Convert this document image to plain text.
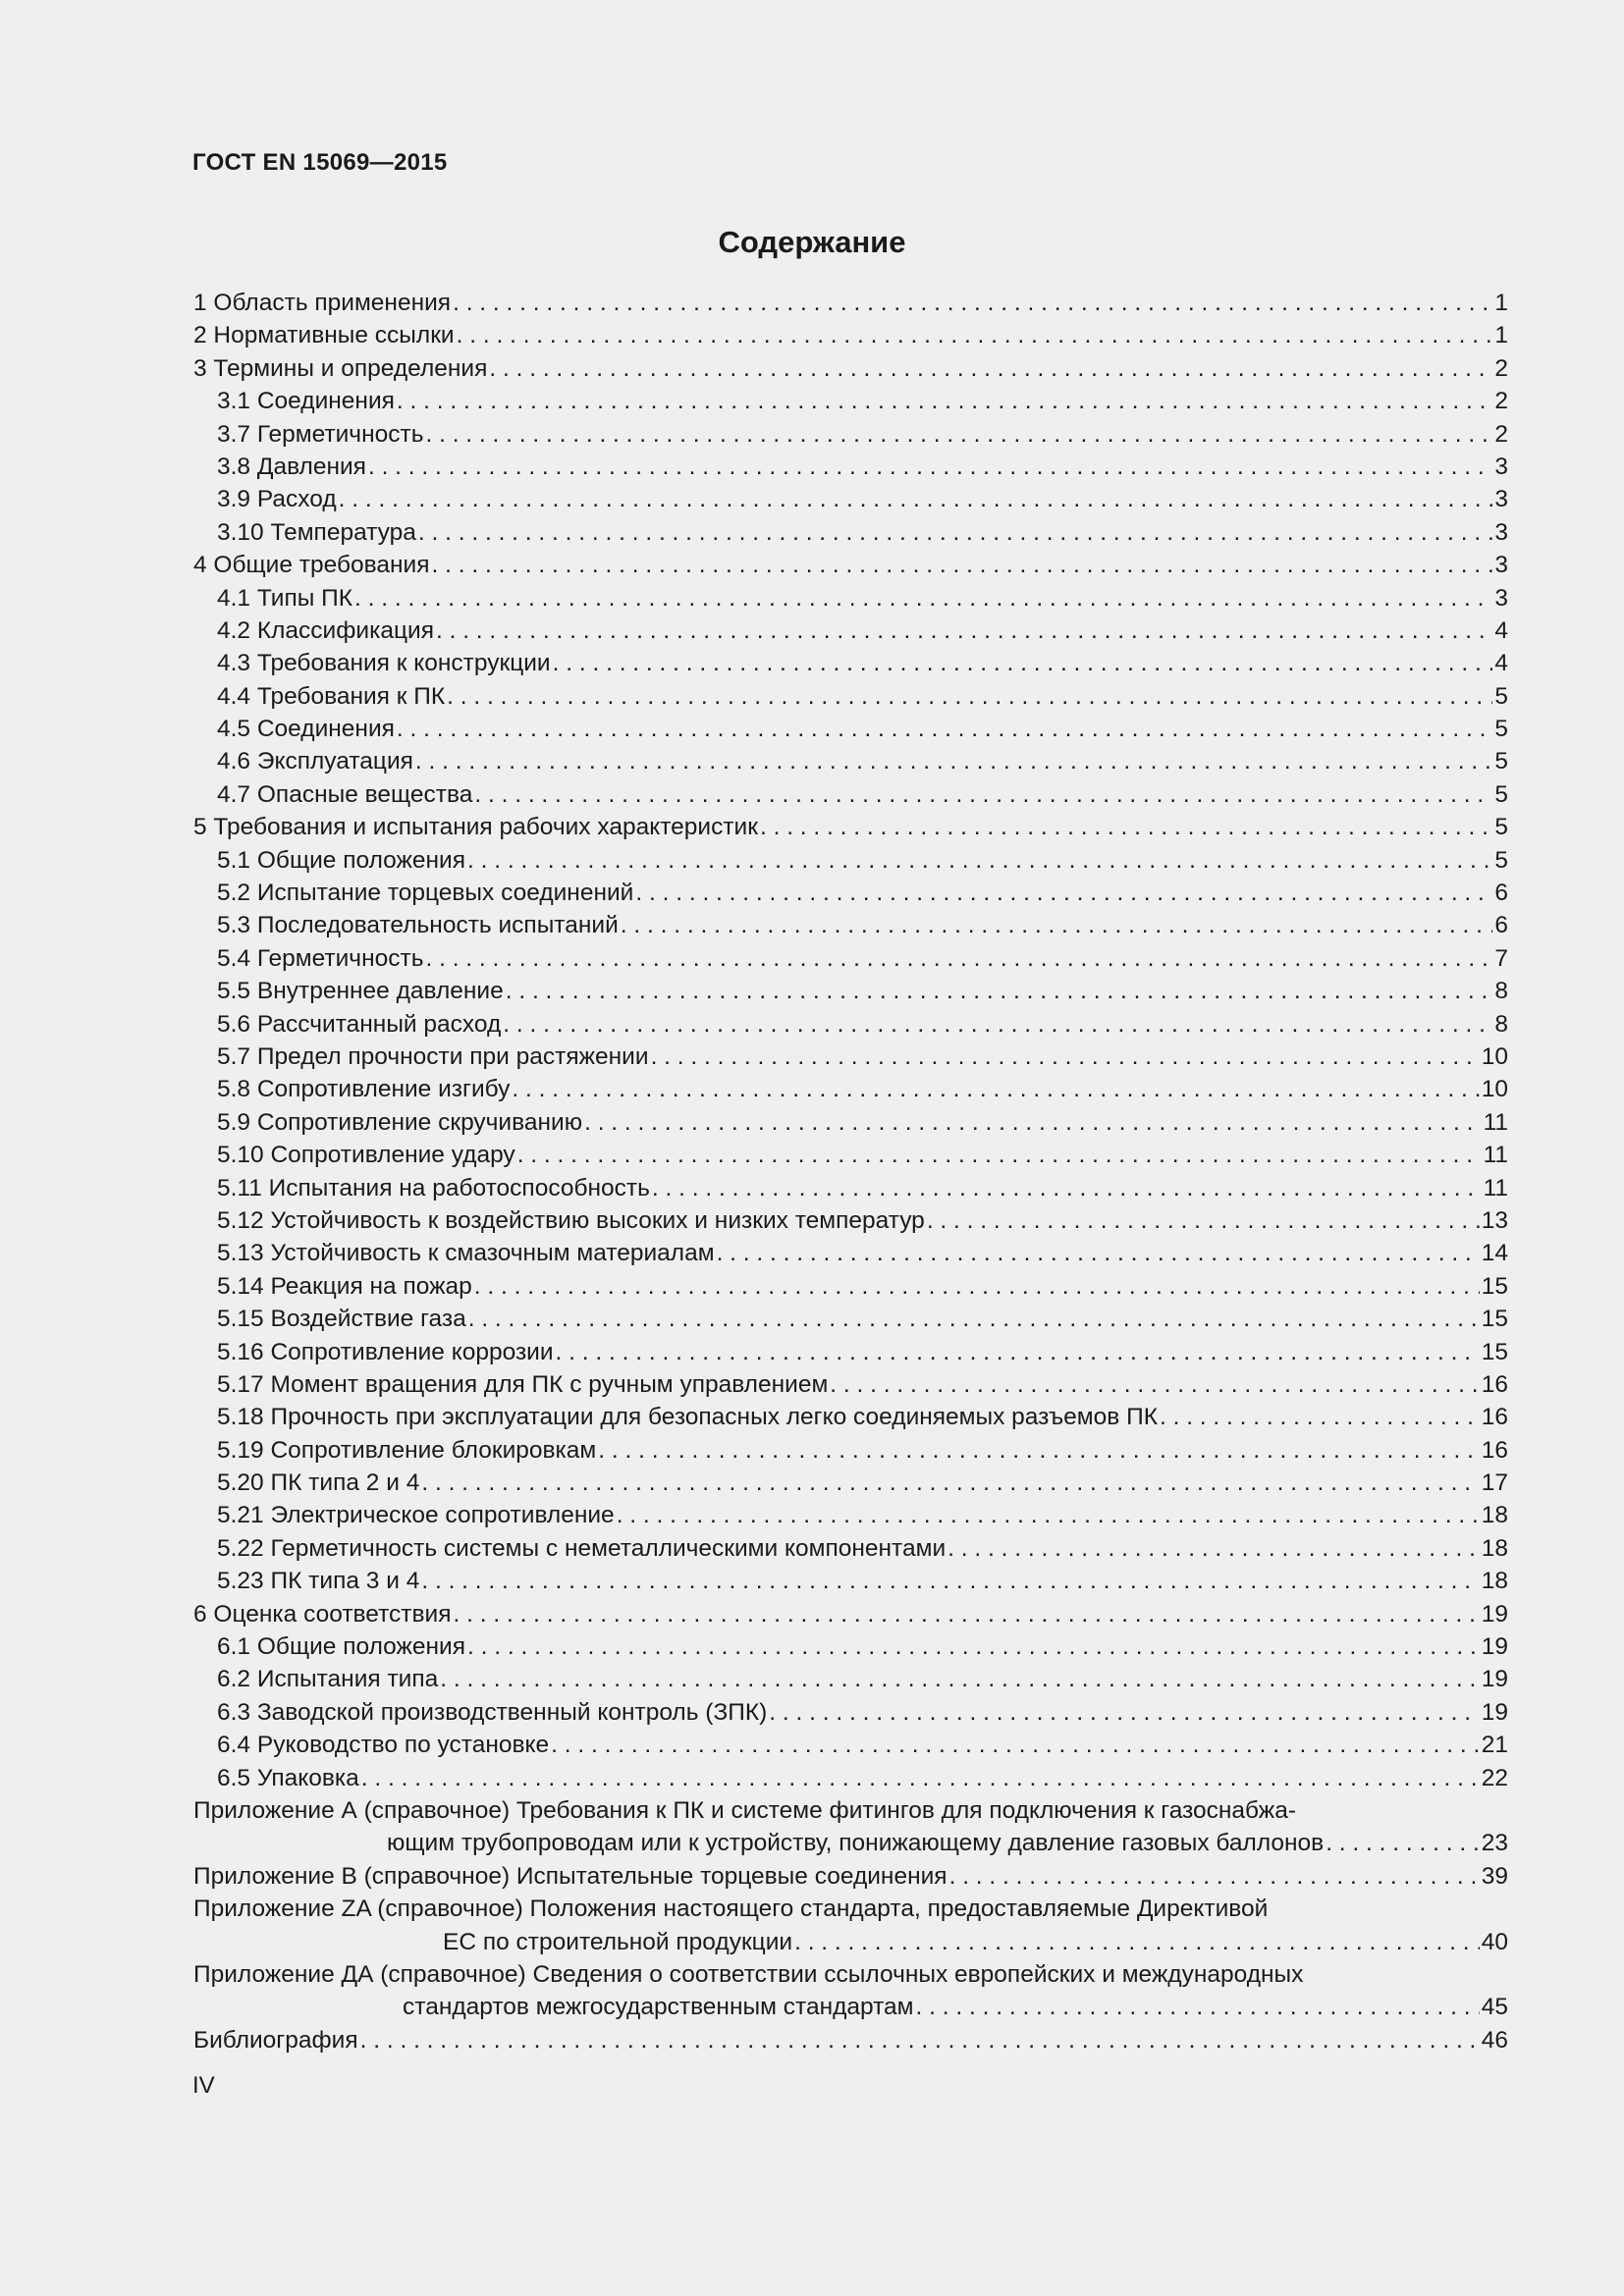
ГОСТ EN 15069—2015
Содержание
1 Область применения . . .	1
2 Нормативные ссылки . . .	1
3 Термины и определения . . .	2
3.1 Соединения . . .	2
3.7 Герметичность . . .	2
3.8 Давления . . .	3
3.9 Расход . . .	3
3.10 Температура . . .	3
4 Общие требования . . .	3
4.1 Типы ПК . . .	3
4.2 Классификация . . .	4
4.3 Требования к конструкции . . .	4
4.4 Требования к ПК . . .	5
4.5 Соединения . . .	5
4.6 Эксплуатация . . .	5
4.7 Опасные вещества . . .	5
5 Требования и испытания рабочих характеристик . . .	5
5.1 Общие положения . . .	5
5.2 Испытание торцевых соединений . . .	6
5.3 Последовательность испытаний . . .	6
5.4 Герметичность . . .	7
5.5 Внутреннее давление . . .	8
5.6 Рассчитанный расход . . .	8
5.7 Предел прочности при растяжении . . .	10
5.8 Сопротивление изгибу . . .	10
5.9 Сопротивление скручиванию . . .	11
5.10 Сопротивление удару . . .	11
5.11 Испытания на работоспособность . . .	11
5.12 Устойчивость к воздействию высоких и низких температур . . .	13
5.13 Устойчивость к смазочным материалам . . .	14
5.14 Реакция на пожар . . .	15
5.15 Воздействие газа . . .	15
5.16 Сопротивление коррозии . . .	15
5.17 Момент вращения для ПК с ручным управлением . . .	16
5.18 Прочность при эксплуатации для безопасных легко соединяемых разъемов ПК . . .	16
5.19 Сопротивление блокировкам . . .	16
5.20 ПК типа 2 и 4 . . .	17
5.21 Электрическое сопротивление . . .	18
5.22 Герметичность системы с неметаллическими компонентами . . .	18
5.23 ПК типа 3 и 4 . . .	18
6 Оценка соответствия . . .	19
6.1 Общие положения . . .	19
6.2 Испытания типа . . .	19
6.3 Заводской производственный контроль (ЗПК) . . .	19
6.4 Руководство по установке . . .	21
6.5 Упаковка . . .	22
Приложение А (справочное) Требования к ПК и системе фитингов для подключения к газоснабжа-
ющим трубопроводам или к устройству, понижающему давление газовых баллонов . . .	23
Приложение В (справочное) Испытательные торцевые соединения . . .	39
Приложение ZA (справочное) Положения настоящего стандарта, предоставляемые Директивой
ЕС по строительной продукции . . .	40
Приложение ДА (справочное) Сведения о соответствии ссылочных европейских и международных
стандартов межгосударственным стандартам . . .	45
Библиография . . .	46
IV
